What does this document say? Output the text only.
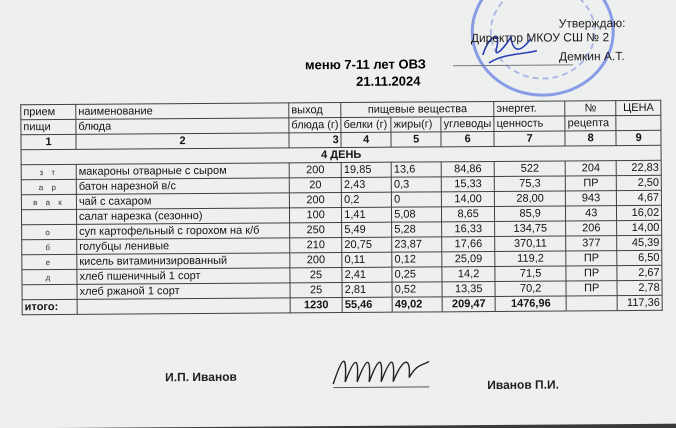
Утверждаю:
Директор МКОУ СШ № 2
Демкин А.Т.
меню 7-11 лет ОВЗ
21.11.2024
прием	наименование	выход	пищевые вещества			энерrет.	№	ЦЕНА
пищи	блюда	блюда (г)	белки (г)	жиры(г)	углеводы	ценность	рецепта	
1	2	3	4	5	6	7	8	9
4 ДЕНЬ								
з т	макароны отварные с сыром	200	19,85	13,6	84,86	522	204	22,83
а р	батон нарезной в/с	20	2,43	0,3	15,33	75,3	ПР	2,50
в а к	чай с сахаром	200	0,2	0	14,00	28,00	943	4,67
	салат нарезка (сезонно)	100	1,41	5,08	8,65	85,9	43	16,02
о	суп картофельный с горохом на к/б	250	5,49	5,28	16,33	134,75	206	14,00
б	голубцы ленивые	210	20,75	23,87	17,66	370,11	377	45,39
е	кисель витаминизированный	200	0,11	0,12	25,09	119,2	ПР	6,50
д	хлеб пшеничный 1 сорт	25	2,41	0,25	14,2	71,5	ПР	2,67
	хлеб ржаной 1 сорт	25	2,81	0,52	13,35	70,2	ПР	2,78
итого:		1230	55,46	49,02	209,47	1476,96		117,36
И.П. Иванов
Иванов П.И.
